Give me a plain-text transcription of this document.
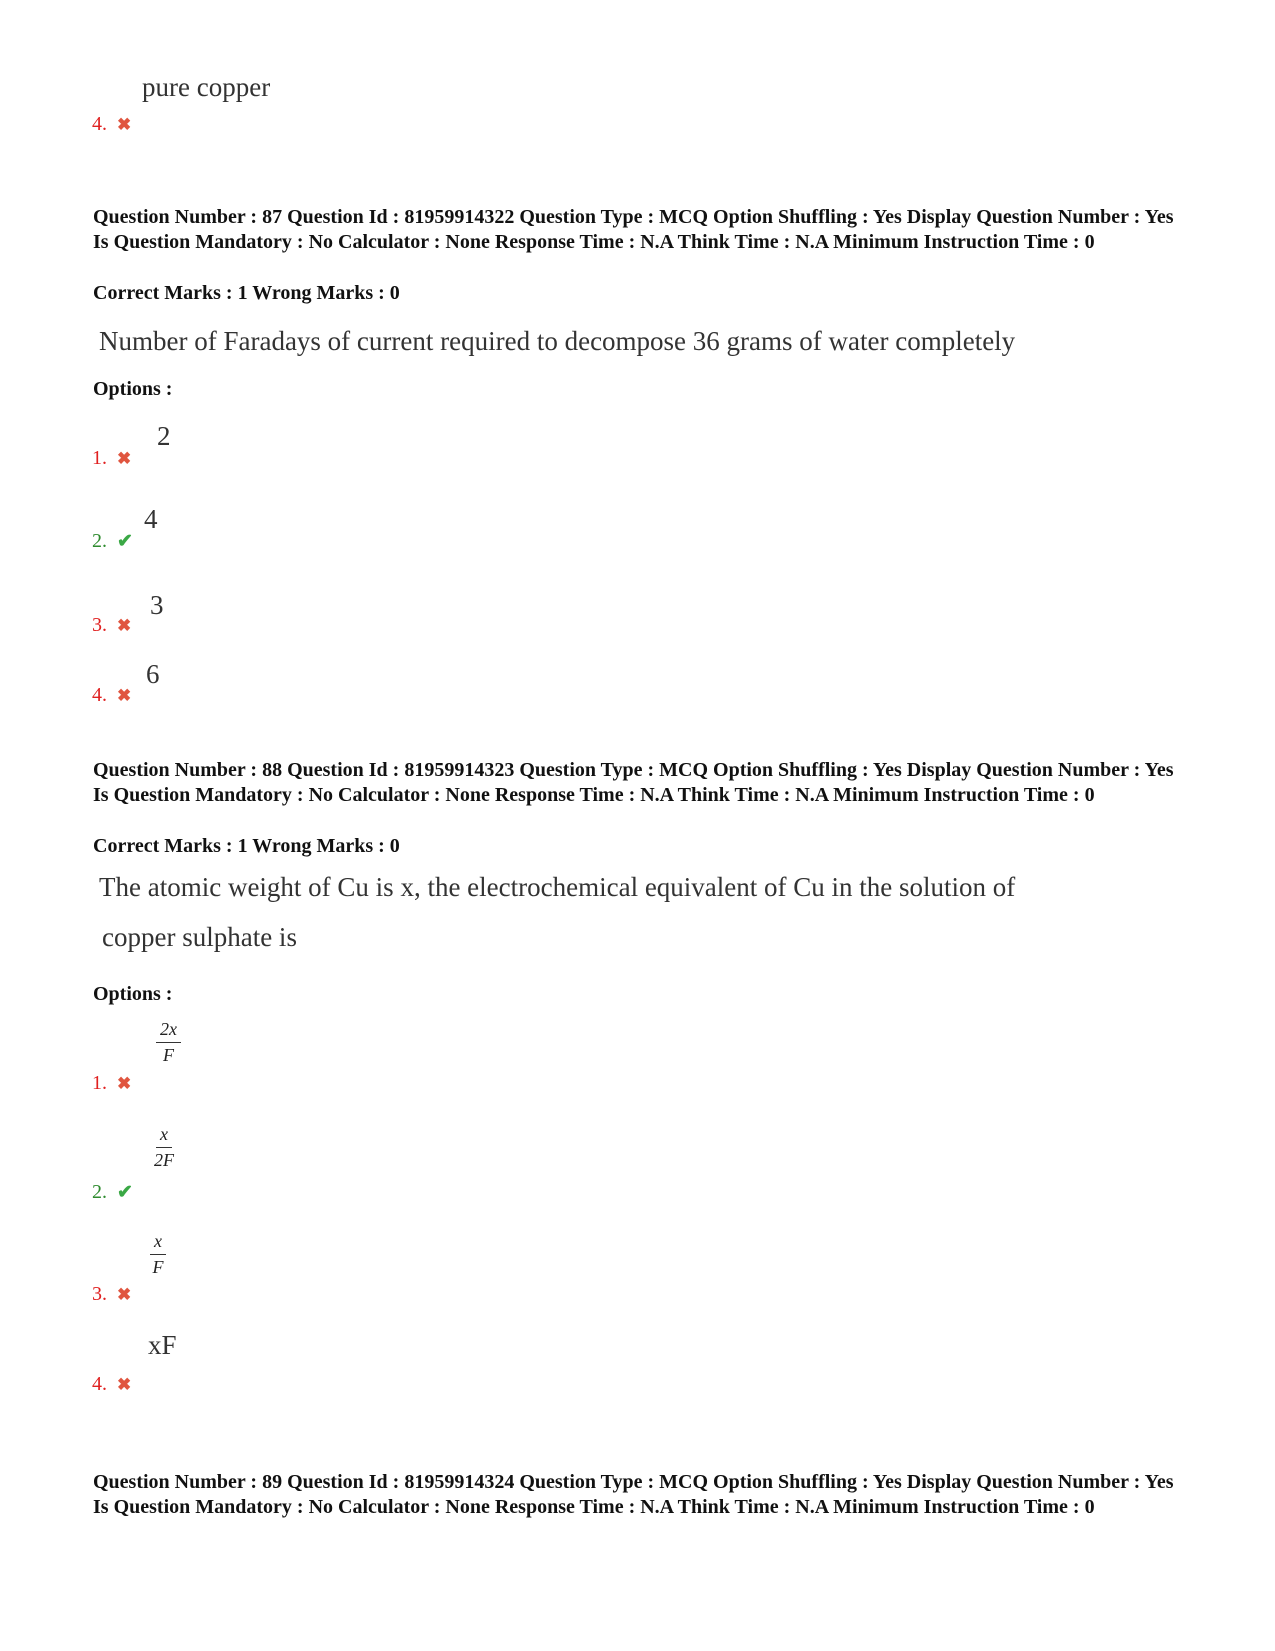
pure copper
4. ✖
Question Number : 87 Question Id : 81959914322 Question Type : MCQ Option Shuffling : Yes Display Question Number : Yes Is Question Mandatory : No Calculator : None Response Time : N.A Think Time : N.A Minimum Instruction Time : 0
Correct Marks : 1 Wrong Marks : 0
Number of Faradays of current required to decompose 36 grams of water completely
Options :
2
1. ✖
4
2. ✔
3
3. ✖
6
4. ✖
Question Number : 88 Question Id : 81959914323 Question Type : MCQ Option Shuffling : Yes Display Question Number : Yes Is Question Mandatory : No Calculator : None Response Time : N.A Think Time : N.A Minimum Instruction Time : 0
Correct Marks : 1 Wrong Marks : 0
The atomic weight of Cu is x, the electrochemical equivalent of Cu in the solution of
copper sulphate is
Options :
$\frac{2x}{F}$
1. ✖
$\frac{x}{2F}$
2. ✔
$\frac{x}{F}$
3. ✖
xF
4. ✖
Question Number : 89 Question Id : 81959914324 Question Type : MCQ Option Shuffling : Yes Display Question Number : Yes Is Question Mandatory : No Calculator : None Response Time : N.A Think Time : N.A Minimum Instruction Time : 0
